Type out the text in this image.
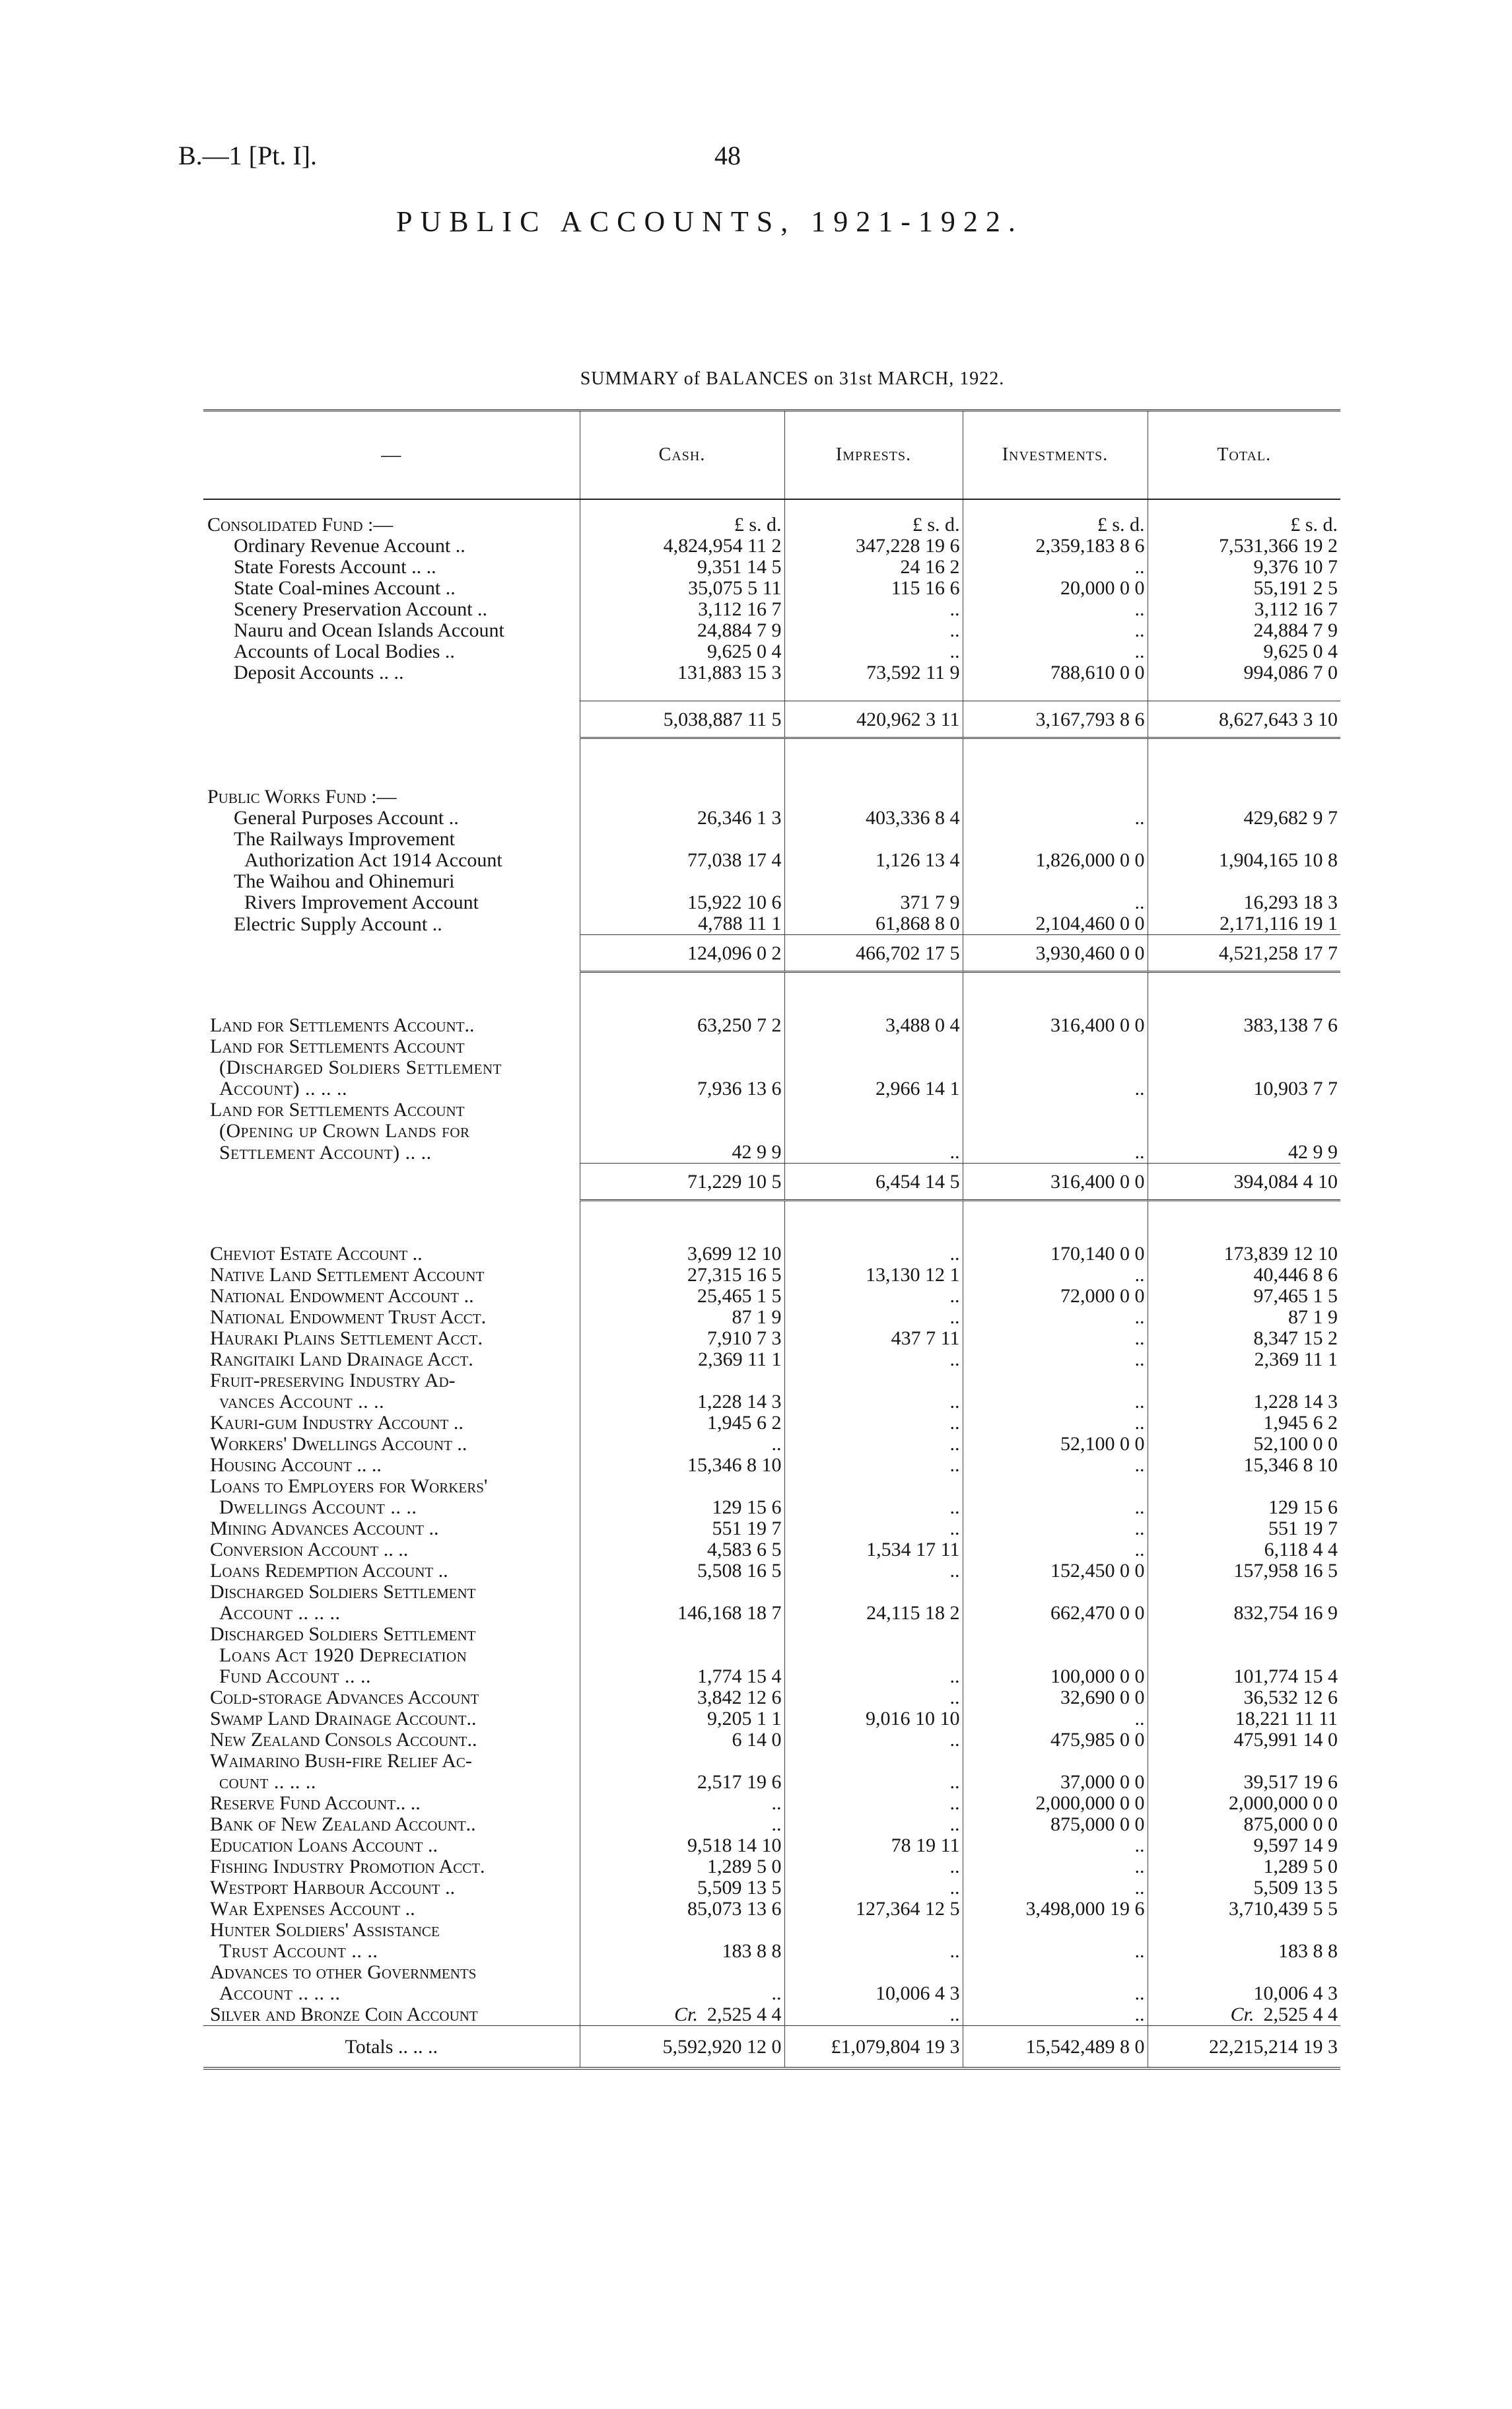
B.—1 [Pt. I].	48
PUBLIC ACCOUNTS, 1921-1922.
SUMMARY of BALANCES on 31st MARCH, 1922.
—	Cash.	Imprests.	Investments.	Total.
Consolidated Fund :—	£ s. d.	£ s. d.	£ s. d.	£ s. d.
Ordinary Revenue Account ..	4,824,954 11 2	347,228 19 6	2,359,183 8 6	7,531,366 19 2
State Forests Account .. ..	9,351 14 5	24 16 2	..	9,376 10 7
State Coal-mines Account ..	35,075 5 11	115 16 6	20,000 0 0	55,191 2 5
Scenery Preservation Account ..	3,112 16 7	..	..	3,112 16 7
Nauru and Ocean Islands Account	24,884 7 9	..	..	24,884 7 9
Accounts of Local Bodies ..	9,625 0 4	..	..	9,625 0 4
Deposit Accounts .. ..	131,883 15 3	73,592 11 9	788,610 0 0	994,086 7 0

	5,038,887 11 5	420,962 3 11	3,167,793 8 6	8,627,643 3 10

Public Works Fund :—				
General Purposes Account ..	26,346 1 3	403,336 8 4	..	429,682 9 7
The Railways Improvement				
Authorization Act 1914 Account	77,038 17 4	1,126 13 4	1,826,000 0 0	1,904,165 10 8
The Waihou and Ohinemuri				
Rivers Improvement Account	15,922 10 6	371 7 9	..	16,293 18 3
Electric Supply Account ..	4,788 11 1	61,868 8 0	2,104,460 0 0	2,171,116 19 1
	124,096 0 2	466,702 17 5	3,930,460 0 0	4,521,258 17 7

Land for Settlements Account..	63,250 7 2	3,488 0 4	316,400 0 0	383,138 7 6
Land for Settlements Account				
(Discharged Soldiers Settlement				
Account) .. .. ..	7,936 13 6	2,966 14 1	..	10,903 7 7
Land for Settlements Account				
(Opening up Crown Lands for				
Settlement Account) .. ..	42 9 9	..	..	42 9 9
	71,229 10 5	6,454 14 5	316,400 0 0	394,084 4 10

Cheviot Estate Account ..	3,699 12 10	..	170,140 0 0	173,839 12 10
Native Land Settlement Account	27,315 16 5	13,130 12 1	..	40,446 8 6
National Endowment Account ..	25,465 1 5	..	72,000 0 0	97,465 1 5
National Endowment Trust Acct.	87 1 9	..	..	87 1 9
Hauraki Plains Settlement Acct.	7,910 7 3	437 7 11	..	8,347 15 2
Rangitaiki Land Drainage Acct.	2,369 11 1	..	..	2,369 11 1
Fruit-preserving Industry Ad-				
vances Account .. ..	1,228 14 3	..	..	1,228 14 3
Kauri-gum Industry Account ..	1,945 6 2	..	..	1,945 6 2
Workers' Dwellings Account ..	..	..	52,100 0 0	52,100 0 0
Housing Account .. ..	15,346 8 10	..	..	15,346 8 10
Loans to Employers for Workers'				
Dwellings Account .. ..	129 15 6	..	..	129 15 6
Mining Advances Account ..	551 19 7	..	..	551 19 7
Conversion Account .. ..	4,583 6 5	1,534 17 11	..	6,118 4 4
Loans Redemption Account ..	5,508 16 5	..	152,450 0 0	157,958 16 5
Discharged Soldiers Settlement				
Account .. .. ..	146,168 18 7	24,115 18 2	662,470 0 0	832,754 16 9
Discharged Soldiers Settlement				
Loans Act 1920 Depreciation				
Fund Account .. ..	1,774 15 4	..	100,000 0 0	101,774 15 4
Cold-storage Advances Account	3,842 12 6	..	32,690 0 0	36,532 12 6
Swamp Land Drainage Account..	9,205 1 1	9,016 10 10	..	18,221 11 11
New Zealand Consols Account..	6 14 0	..	475,985 0 0	475,991 14 0
Waimarino Bush-fire Relief Ac-				
count .. .. ..	2,517 19 6	..	37,000 0 0	39,517 19 6
Reserve Fund Account.. ..	..	..	2,000,000 0 0	2,000,000 0 0
Bank of New Zealand Account..	..	..	875,000 0 0	875,000 0 0
Education Loans Account ..	9,518 14 10	78 19 11	..	9,597 14 9
Fishing Industry Promotion Acct.	1,289 5 0	..	..	1,289 5 0
Westport Harbour Account ..	5,509 13 5	..	..	5,509 13 5
War Expenses Account ..	85,073 13 6	127,364 12 5	3,498,000 19 6	3,710,439 5 5
Hunter Soldiers' Assistance				
Trust Account .. ..	183 8 8	..	..	183 8 8
Advances to other Governments				
Account .. .. ..	..	10,006 4 3	..	10,006 4 3
Silver and Bronze Coin Account	Cr. 2,525 4 4	..	..	Cr. 2,525 4 4
Totals .. .. ..	5,592,920 12 0	£1,079,804 19 3	15,542,489 8 0	22,215,214 19 3
